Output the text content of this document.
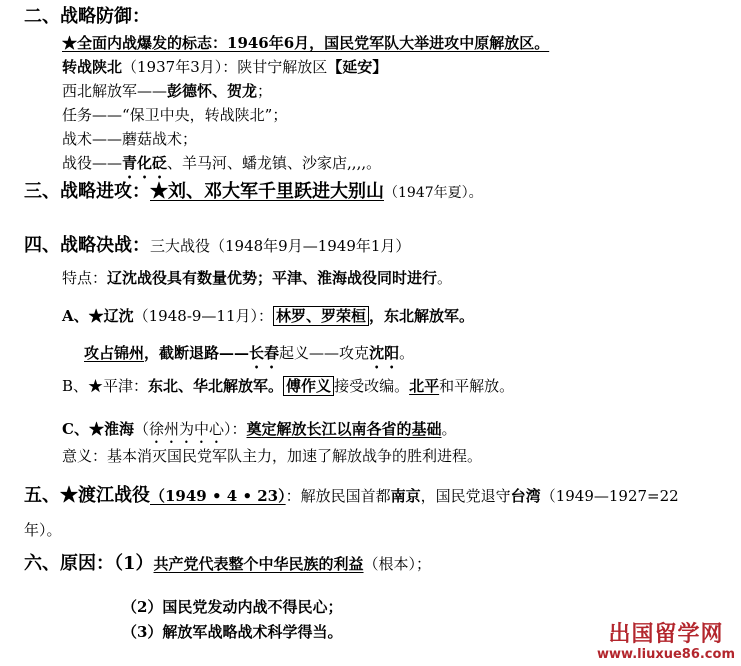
二、战略防御：
★全面内战爆发的标志：1946年6月，国民党军队大举进攻中原解放区。
转战陕北（1937年3月）：陕甘宁解放区【延安】
西北解放军——彭德怀、贺龙；
任务——“保卫中央，转战陕北”；
战术——蘑菇战术；
战役——青化砭、羊马河、蟠龙镇、沙家店,,,,。
三、战略进攻：★刘、邓大军千里跃进大别山（1947年夏）。
四、战略决战：三大战役（1948年9月—1949年1月）
特点：辽沈战役具有数量优势；平津、淮海战役同时进行。
A、★辽沈（1948-9—11月）： 林罗、罗荣桓 ，东北解放军。
攻占锦州，截断退路——长春起义——攻克沈阳。
B、★平津：东北、华北解放军。 傅作义 接受改编。北平和平解放。
C、★淮海（徐州为中心）：奠定解放长江以南各省的基础。
意义：基本消灭国民党军队主力，加速了解放战争的胜利进程。
五、★渡江战役（1949 • 4 • 23）：解放民国首都南京，国民党退守台湾（1949—1927=22
年）。
六、原因：（1）共产党代表整个中华民族的利益（根本）；
（2）国民党发动内战不得民心；
（3）解放军战略战术科学得当。	出国留学网
www.liuxue86.com
